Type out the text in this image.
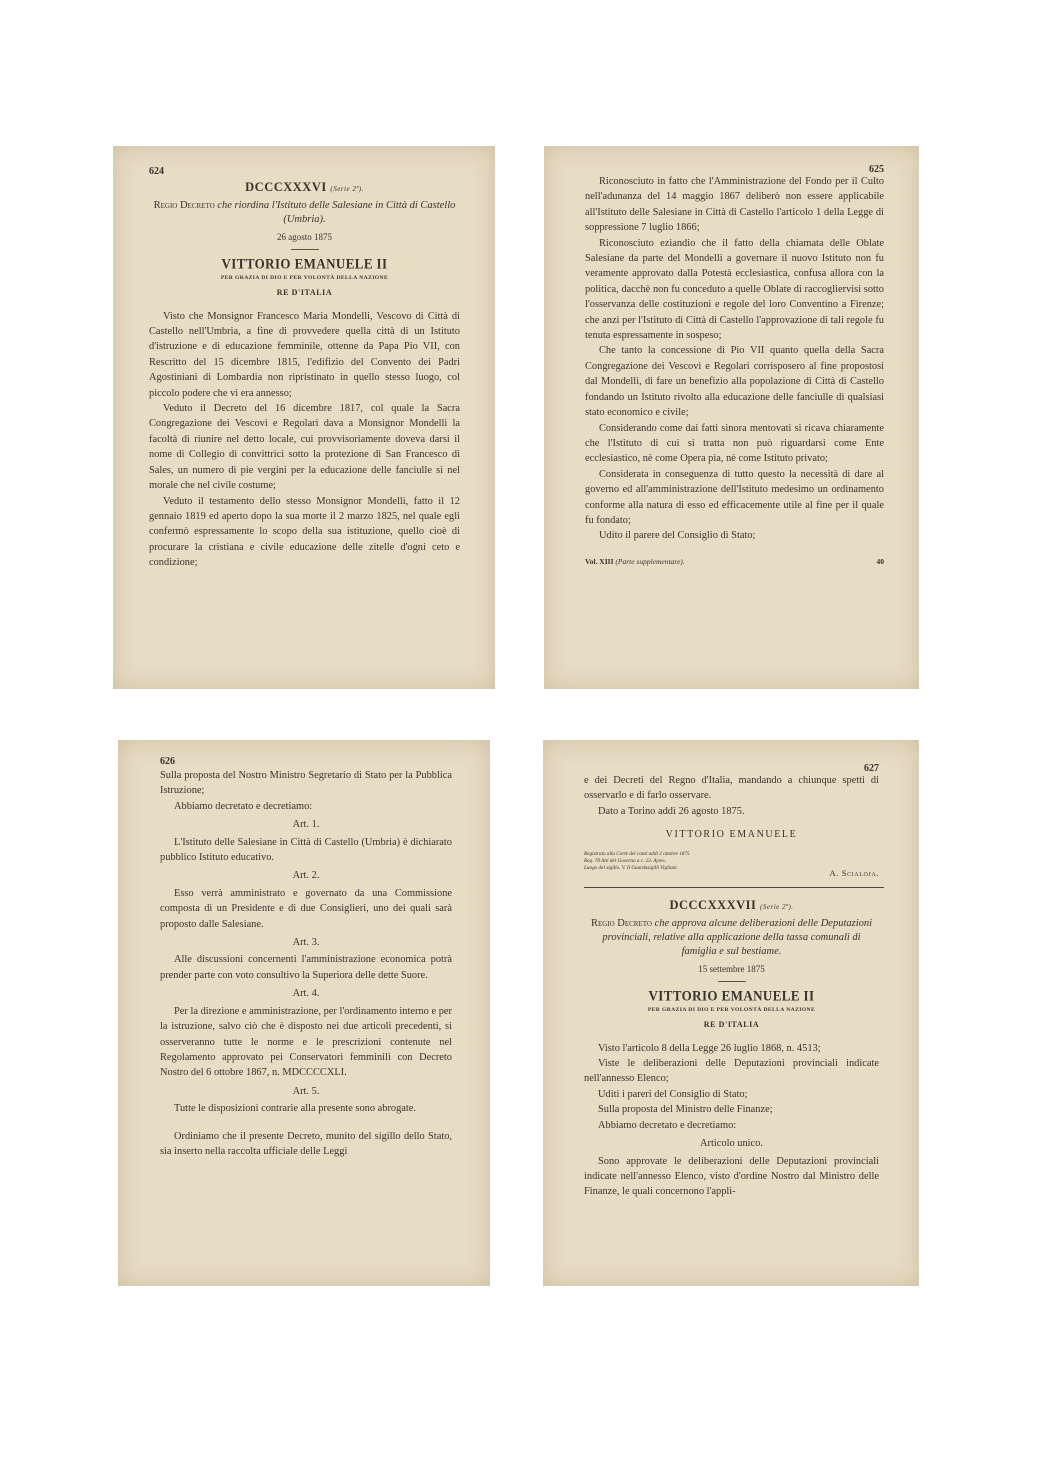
624
DCCCXXXVI (Serie 2ª).
Regio Decreto che riordina l'Istituto delle Salesiane in Città di Castello (Umbria).
26 agosto 1875
VITTORIO EMANUELE II
PER GRAZIA DI DIO E PER VOLONTÀ DELLA NAZIONE
RE D'ITALIA

Visto che Monsignor Francesco Maria Mondelli, Vescovo di Città di Castello nell'Umbria, a fine di provvedere quella città di un Istituto d'istruzione e di educazione femminile, ottenne da Papa Pio VII, con Rescritto del 15 dicembre 1815, l'edifizio del Convento dei Padri Agostiniani di Lombardia non ripristinato in quello stesso luogo, col piccolo podere che vi era annesso;

Veduto il Decreto del 16 dicembre 1817, col quale la Sacra Congregazione dei Vescovi e Regolari dava a Monsignor Mondelli la facoltà di riunire nel detto locale, cui provvisoriamente doveva darsi il nome di Collegio di convittrici sotto la protezione di San Francesco di Sales, un numero di pie vergini per la educazione delle fanciulle sì nel morale che nel civile costume;

Veduto il testamento dello stesso Monsignor Mondelli, fatto il 12 gennaio 1819 ed aperto dopo la sua morte il 2 marzo 1825, nel quale egli confermò espressamente lo scopo della sua istituzione, quello cioè di procurare la cristiana e civile educazione delle zitelle d'ogni ceto e condizione;

625

Riconosciuto in fatto che l'Amministrazione del Fondo per il Culto nell'adunanza del 14 maggio 1867 deliberò non essere applicabile all'Istituto delle Salesiane in Città di Castello l'articolo 1 della Legge di soppressione 7 luglio 1866;

Riconosciuto eziandio che il fatto della chiamata delle Oblate Salesiane da parte del Mondelli a governare il nuovo Istituto non fu veramente approvato dalla Potestà ecclesiastica, confusa allora con la politica, dacchè non fu conceduto a quelle Oblate di raccogliervisi sotto l'osservanza delle costituzioni e regole del loro Conventino a Firenze; che anzi per l'Istituto di Città di Castello l'approvazione di tali regole fu tenuta espressamente in sospeso;

Che tanto la concessione di Pio VII quanto quella della Sacra Congregazione dei Vescovi e Regolari corrisposero al fine propostosi dal Mondelli, di fare un benefizio alla popolazione di Città di Castello fondando un Istituto rivolto alla educazione delle fanciulle di qualsiasi stato economico e civile;

Considerando come dai fatti sinora mentovati si ricava chiaramente che l'Istituto di cui si tratta non può riguardarsi come Ente ecclesiastico, nè come Opera pia, nè come Istituto privato;

Considerata in conseguenza di tutto questo la necessità di dare al governo ed all'amministrazione dell'Istituto medesimo un ordinamento conforme alla natura di esso ed efficacemente utile al fine per il quale fu fondato;

Udito il parere del Consiglio di Stato;

Vol. XIII (Parte supplementare).	40
626

Sulla proposta del Nostro Ministro Segretario di Stato per la Pubblica Istruzione;

Abbiamo decretato e decretiamo:

Art. 1.

L'Istituto delle Salesiane in Città di Castello (Umbria) è dichiarato pubblico Istituto educativo.

Art. 2.

Esso verrà amministrato e governato da una Commissione composta di un Presidente e di due Consiglieri, uno dei quali sarà proposto dalle Salesiane.

Art. 3.

Alle discussioni concernenti l'amministrazione economica potrà prender parte con voto consultivo la Superiora delle dette Suore.

Art. 4.

Per la direzione e amministrazione, per l'ordinamento interno e per la istruzione, salvo ciò che è disposto nei due articoli precedenti, si osserveranno tutte le norme e le prescrizioni contenute nel Regolamento approvato pei Conservatori femminili con Decreto Nostro del 6 ottobre 1867, n. MDCCCCXLI.

Art. 5.

Tutte le disposizioni contrarie alla presente sono abrogate.

Ordiniamo che il presente Decreto, munito del sigillo dello Stato, sia inserto nella raccolta ufficiale delle Leggi

627

e dei Decreti del Regno d'Italia, mandando a chiunque spetti di osservarlo e di farlo osservare.

Dato a Torino addì 26 agosto 1875.

VITTORIO EMANUELE
Registrato alla Corte dei conti addì 2 ottobre 1875
Reg. 78 Atti del Governo a c. 23. Ayres.
Luogo del sigillo. V. Il Guardasigilli Vigliani.	A. Scialoja.
DCCCXXXVII (Serie 2ª).
Regio Decreto che approva alcune deliberazioni delle Deputazioni provinciali, relative alla applicazione della tassa comunali di famiglia e sul bestiame.
15 settembre 1875
VITTORIO EMANUELE II
PER GRAZIA DI DIO E PER VOLONTÀ DELLA NAZIONE
RE D'ITALIA

Visto l'articolo 8 della Legge 26 luglio 1868, n. 4513;

Viste le deliberazioni delle Deputazioni provinciali indicate nell'annesso Elenco;

Uditi i pareri del Consiglio di Stato;

Sulla proposta del Ministro delle Finanze;

Abbiamo decretato e decretiamo:

Articolo unico.

Sono approvate le deliberazioni delle Deputazioni provinciali indicate nell'annesso Elenco, visto d'ordine Nostro dal Ministro delle Finanze, le quali concernono l'appli-
